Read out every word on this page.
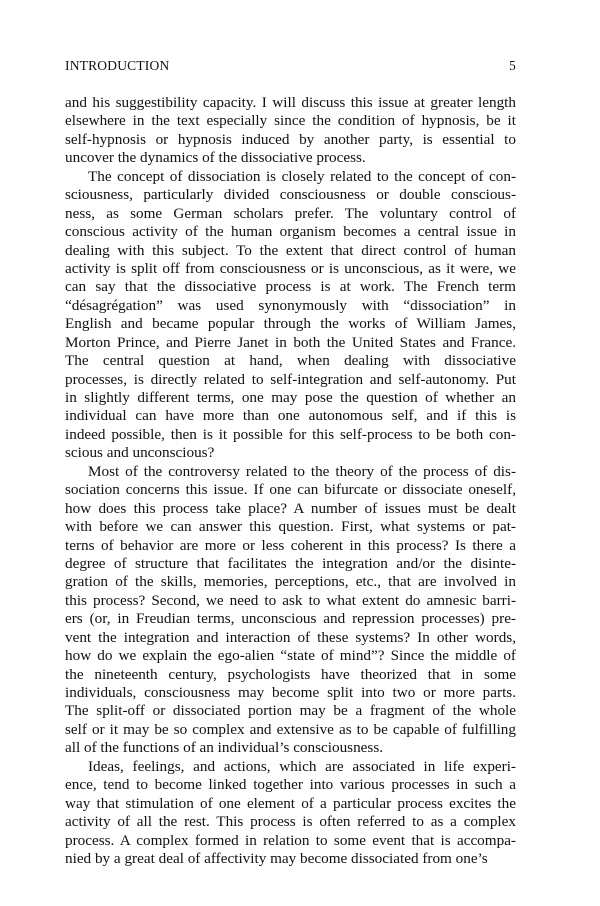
INTRODUCTION	5
and his suggestibility capacity. I will discuss this issue at greater length
elsewhere in the text especially since the condition of hypnosis, be it
self-hypnosis or hypnosis induced by another party, is essential to
uncover the dynamics of the dissociative process.
The concept of dissociation is closely related to the concept of con-
sciousness, particularly divided consciousness or double conscious-
ness, as some German scholars prefer. The voluntary control of
conscious activity of the human organism becomes a central issue in
dealing with this subject. To the extent that direct control of human
activity is split off from consciousness or is unconscious, as it were, we
can say that the dissociative process is at work. The French term
“désagrégation” was used synonymously with “dissociation” in
English and became popular through the works of William James,
Morton Prince, and Pierre Janet in both the United States and France.
The central question at hand, when dealing with dissociative
processes, is directly related to self-integration and self-autonomy. Put
in slightly different terms, one may pose the question of whether an
individual can have more than one autonomous self, and if this is
indeed possible, then is it possible for this self-process to be both con-
scious and unconscious?
Most of the controversy related to the theory of the process of dis-
sociation concerns this issue. If one can bifurcate or dissociate oneself,
how does this process take place? A number of issues must be dealt
with before we can answer this question. First, what systems or pat-
terns of behavior are more or less coherent in this process? Is there a
degree of structure that facilitates the integration and/or the disinte-
gration of the skills, memories, perceptions, etc., that are involved in
this process? Second, we need to ask to what extent do amnesic barri-
ers (or, in Freudian terms, unconscious and repression processes) pre-
vent the integration and interaction of these systems? In other words,
how do we explain the ego-alien “state of mind”? Since the middle of
the nineteenth century, psychologists have theorized that in some
individuals, consciousness may become split into two or more parts.
The split-off or dissociated portion may be a fragment of the whole
self or it may be so complex and extensive as to be capable of fulfilling
all of the functions of an individual’s consciousness.
Ideas, feelings, and actions, which are associated in life experi-
ence, tend to become linked together into various processes in such a
way that stimulation of one element of a particular process excites the
activity of all the rest. This process is often referred to as a complex
process. A complex formed in relation to some event that is accompa-
nied by a great deal of affectivity may become dissociated from one’s
